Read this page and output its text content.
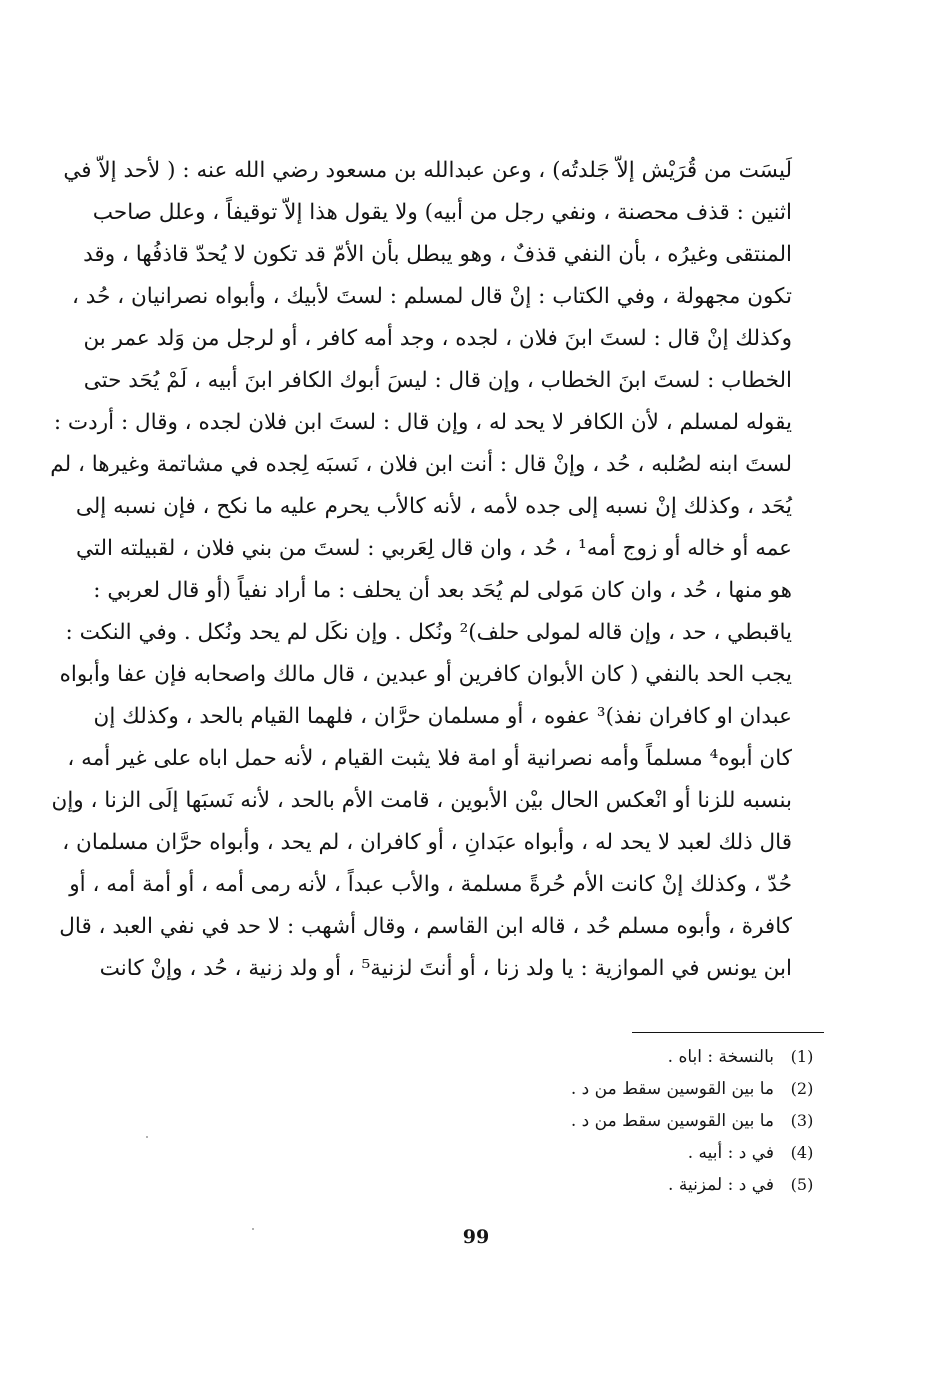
لَيسَت من قُرَيْش إلاّ جَلدتُه) ، وعن عبدالله بن مسعود رضي الله عنه : ( لأحد إلاّ في
اثنين : قذف محصنة ، ونفي رجل من أبيه) ولا يقول هذا إلاّ توقيفاً ، وعلل صاحب
المنتقى وغيرُه ، بأن النفي قذفٌ ، وهو يبطل بأن الأمّ قد تكون لا يُحدّ قاذفُها ، وقد
تكون مجهولة ، وفي الكتاب : إنْ قال لمسلم : لستَ لأبيك ، وأبواه نصرانيان ، حُد ،
وكذلك إنْ قال : لستَ ابنَ فلان ، لجده ، وجد أمه كافر ، أو لرجل من وَلد عمر بن
الخطاب : لستَ ابنَ الخطاب ، وإن قال : ليسَ أبوك الكافر ابنَ أبيه ، لَمْ يُحَد حتى
يقوله لمسلم ، لأن الكافر لا يحد له ، وإن قال : لستَ ابن فلان لجده ، وقال : أردت :
لستَ ابنه لصُلبه ، حُد ، وإنْ قال : أنت ابن فلان ، نَسبَه لِجده في مشاتمة وغيرها ، لم
يُحَد ، وكذلك إنْ نسبه إلى جده لأمه ، لأنه كالأب يحرم عليه ما نكح ، فإن نسبه إلى
عمه أو خاله أو زوج أمه¹ ، حُد ، وان قال لِعَربي : لستَ من بني فلان ، لقبيلته التي
هو منها ، حُد ، وان كان مَولى لم يُحَد بعد أن يحلف : ما أراد نفياً (أو قال لعربي :
ياقبطي ، حد ، وإن قاله لمولى حلف)² ونُكل . وإن نكَل لم يحد ونُكل . وفي النكت :
يجب الحد بالنفي ( كان الأبوان كافرين أو عبدين ، قال مالك واصحابه فإن عفا وأبواه
عبدان او كافران نفذ)³ عفوه ، أو مسلمان حرَّان ، فلهما القيام بالحد ، وكذلك إن
كان أبوه⁴ مسلماً وأمه نصرانية أو امة فلا يثبت القيام ، لأنه حمل اباه على غير أمه ،
بنسبه للزنا أو انْعكس الحال بيْن الأبوين ، قامت الأم بالحد ، لأنه نَسبَها إلَى الزنا ، وإن
قال ذلك لعبد لا يحد له ، وأبواه عبَدانِ ، أو كافران ، لم يحد ، وأبواه حرَّان مسلمان ،
حُدّ ، وكذلك إنْ كانت الأم حُرةً مسلمة ، والأب عبداً ، لأنه رمى أمه ، أو أمة أمه ، أو
كافرة ، وأبوه مسلم حُد ، قاله ابن القاسم ، وقال أشهب : لا حد في نفي العبد ، قال
ابن يونس في الموازية : يا ولد زنا ، أو أنتَ لزنية⁵ ، أو ولد زنية ، حُد ، وإنْ كانت
(1)
بالنسخة : اباه .
(2)
ما بين القوسين سقط من د .
(3)
ما بين القوسين سقط من د .
(4)
في د : أبيه .
(5)
في د : لمزنية .
99
